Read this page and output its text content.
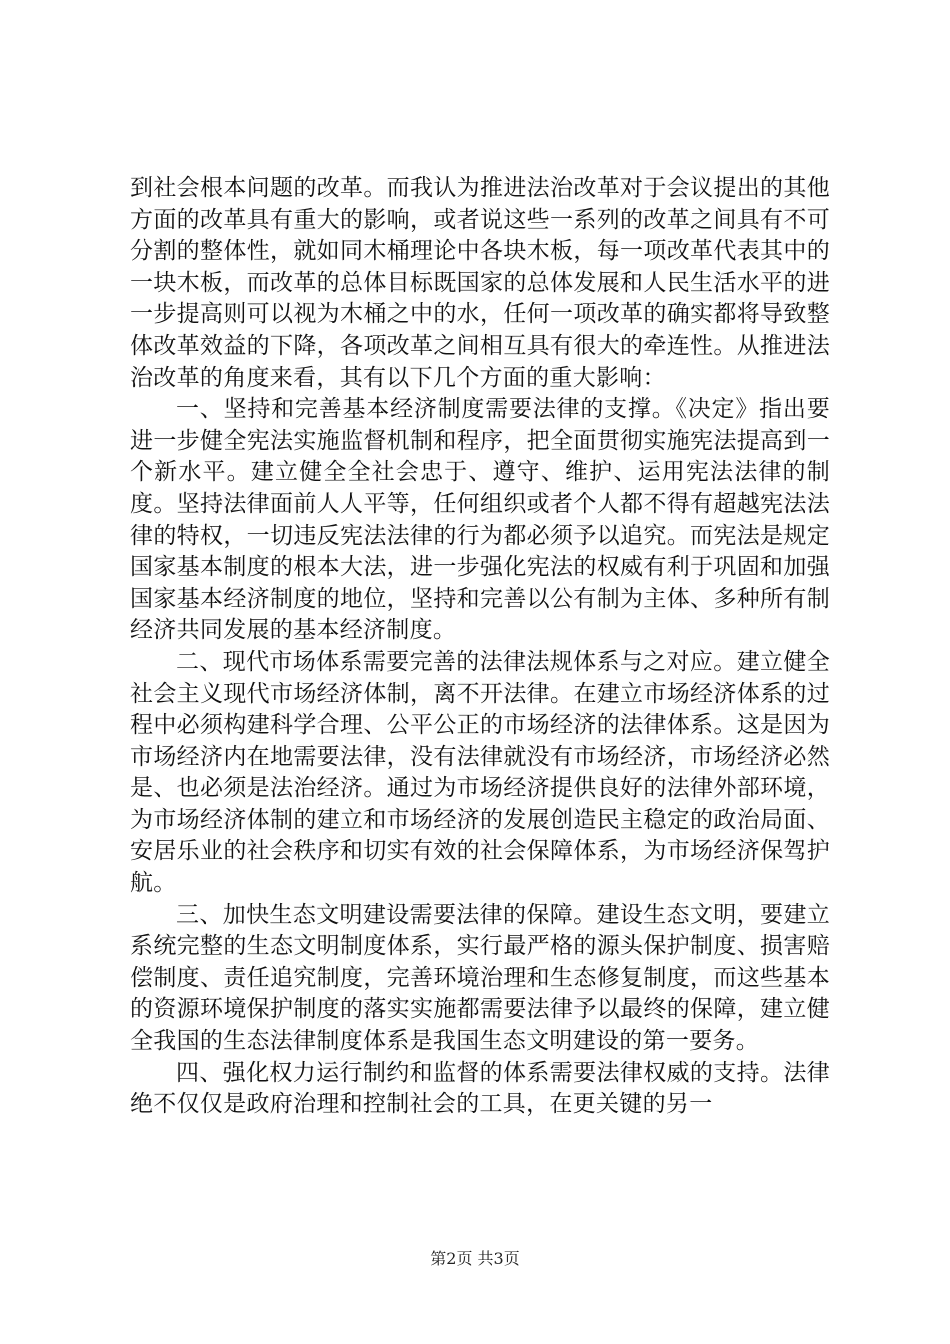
到社会根本问题的改革。而我认为推进法治改革对于会议提出的其他方面的改革具有重大的影响，或者说这些一系列的改革之间具有不可分割的整体性，就如同木桶理论中各块木板，每一项改革代表其中的一块木板，而改革的总体目标既国家的总体发展和人民生活水平的进一步提高则可以视为木桶之中的水，任何一项改革的确实都将导致整体改革效益的下降，各项改革之间相互具有很大的牵连性。从推进法治改革的角度来看，其有以下几个方面的重大影响：

一、坚持和完善基本经济制度需要法律的支撑。《决定》指出要进一步健全宪法实施监督机制和程序，把全面贯彻实施宪法提高到一个新水平。建立健全全社会忠于、遵守、维护、运用宪法法律的制度。坚持法律面前人人平等，任何组织或者个人都不得有超越宪法法律的特权，一切违反宪法法律的行为都必须予以追究。而宪法是规定国家基本制度的根本大法，进一步强化宪法的权威有利于巩固和加强国家基本经济制度的地位，坚持和完善以公有制为主体、多种所有制经济共同发展的基本经济制度。

二、现代市场体系需要完善的法律法规体系与之对应。建立健全社会主义现代市场经济体制，离不开法律。在建立市场经济体系的过程中必须构建科学合理、公平公正的市场经济的法律体系。这是因为市场经济内在地需要法律，没有法律就没有市场经济，市场经济必然是、也必须是法治经济。通过为市场经济提供良好的法律外部环境，为市场经济体制的建立和市场经济的发展创造民主稳定的政治局面、安居乐业的社会秩序和切实有效的社会保障体系，为市场经济保驾护航。

三、加快生态文明建设需要法律的保障。建设生态文明，要建立系统完整的生态文明制度体系，实行最严格的源头保护制度、损害赔偿制度、责任追究制度，完善环境治理和生态修复制度，而这些基本的资源环境保护制度的落实实施都需要法律予以最终的保障，建立健全我国的生态法律制度体系是我国生态文明建设的第一要务。

四、强化权力运行制约和监督的体系需要法律权威的支持。法律绝不仅仅是政府治理和控制社会的工具，在更关键的另一

第2页 共3页
